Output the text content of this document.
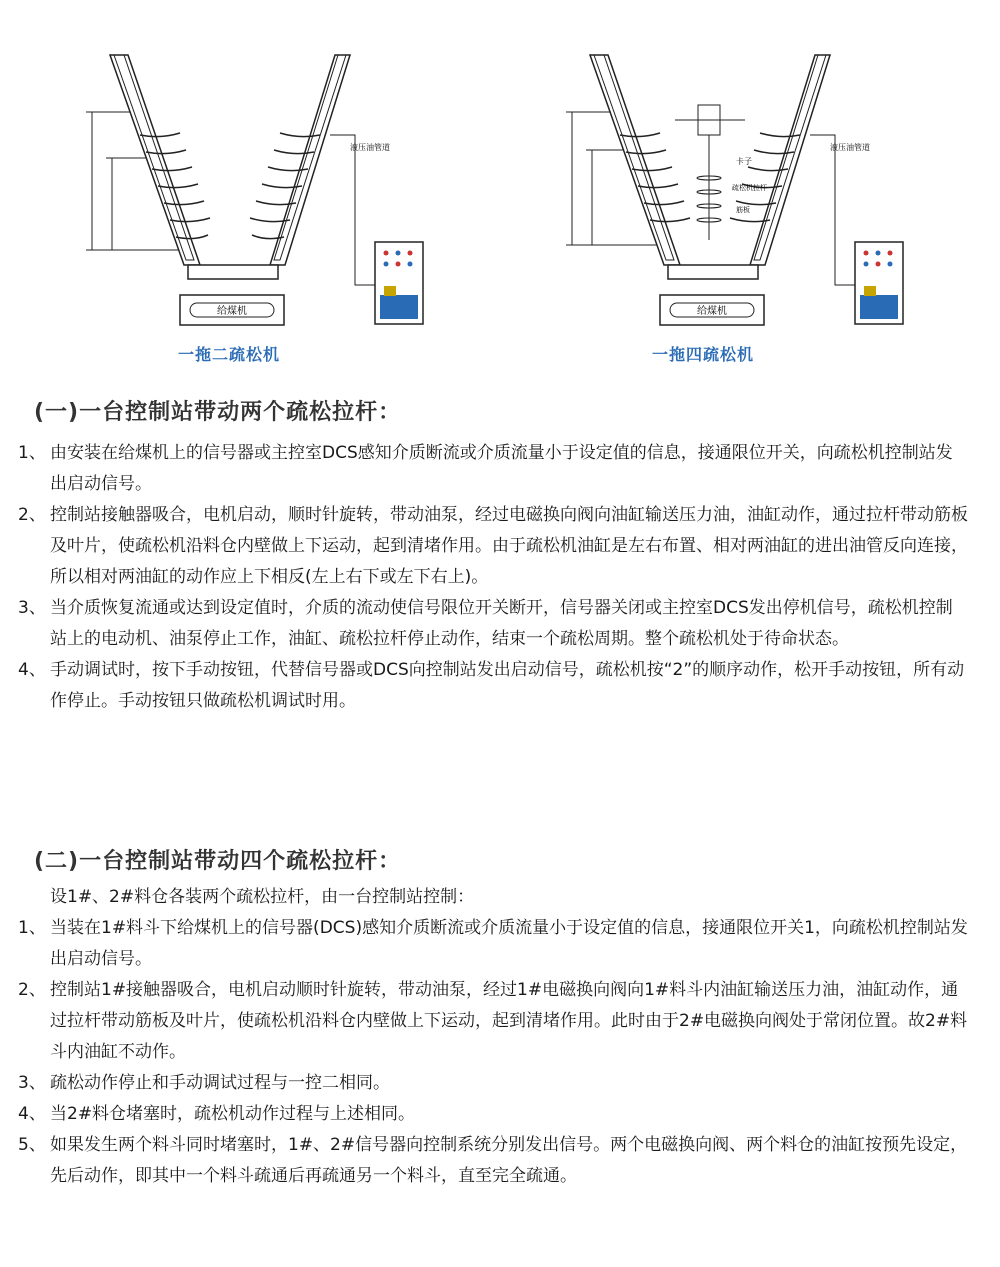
给煤机
液压油管道
一拖二疏松机
卡子
疏松机拉杆
筋板
给煤机
液压油管道
一拖四疏松机
(一)一台控制站带动两个疏松拉杆：
1、 由安装在给煤机上的信号器或主控室DCS感知介质断流或介质流量小于设定值的信息，接通限位开关，向疏松机控制站发出启动信号。
2、 控制站接触器吸合，电机启动，顺时针旋转，带动油泵，经过电磁换向阀向油缸输送压力油，油缸动作，通过拉杆带动筋板及叶片，使疏松机沿料仓内壁做上下运动，起到清堵作用。由于疏松机油缸是左右布置、相对两油缸的进出油管反向连接，所以相对两油缸的动作应上下相反(左上右下或左下右上)。
3、 当介质恢复流通或达到设定值时，介质的流动使信号限位开关断开，信号器关闭或主控室DCS发出停机信号，疏松机控制站上的电动机、油泵停止工作，油缸、疏松拉杆停止动作，结束一个疏松周期。整个疏松机处于待命状态。
4、 手动调试时，按下手动按钮，代替信号器或DCS向控制站发出启动信号，疏松机按“2”的顺序动作，松开手动按钮，所有动作停止。手动按钮只做疏松机调试时用。
(二)一台控制站带动四个疏松拉杆：
设1#、2#料仓各装两个疏松拉杆，由一台控制站控制：
1、 当装在1#料斗下给煤机上的信号器(DCS)感知介质断流或介质流量小于设定值的信息，接通限位开关1，向疏松机控制站发出启动信号。
2、 控制站1#接触器吸合，电机启动顺时针旋转，带动油泵，经过1#电磁换向阀向1#料斗内油缸输送压力油，油缸动作，通过拉杆带动筋板及叶片，使疏松机沿料仓内壁做上下运动，起到清堵作用。此时由于2#电磁换向阀处于常闭位置。故2#料斗内油缸不动作。
3、 疏松动作停止和手动调试过程与一控二相同。
4、 当2#料仓堵塞时，疏松机动作过程与上述相同。
5、 如果发生两个料斗同时堵塞时，1#、2#信号器向控制系统分别发出信号。两个电磁换向阀、两个料仓的油缸按预先设定，先后动作，即其中一个料斗疏通后再疏通另一个料斗，直至完全疏通。
